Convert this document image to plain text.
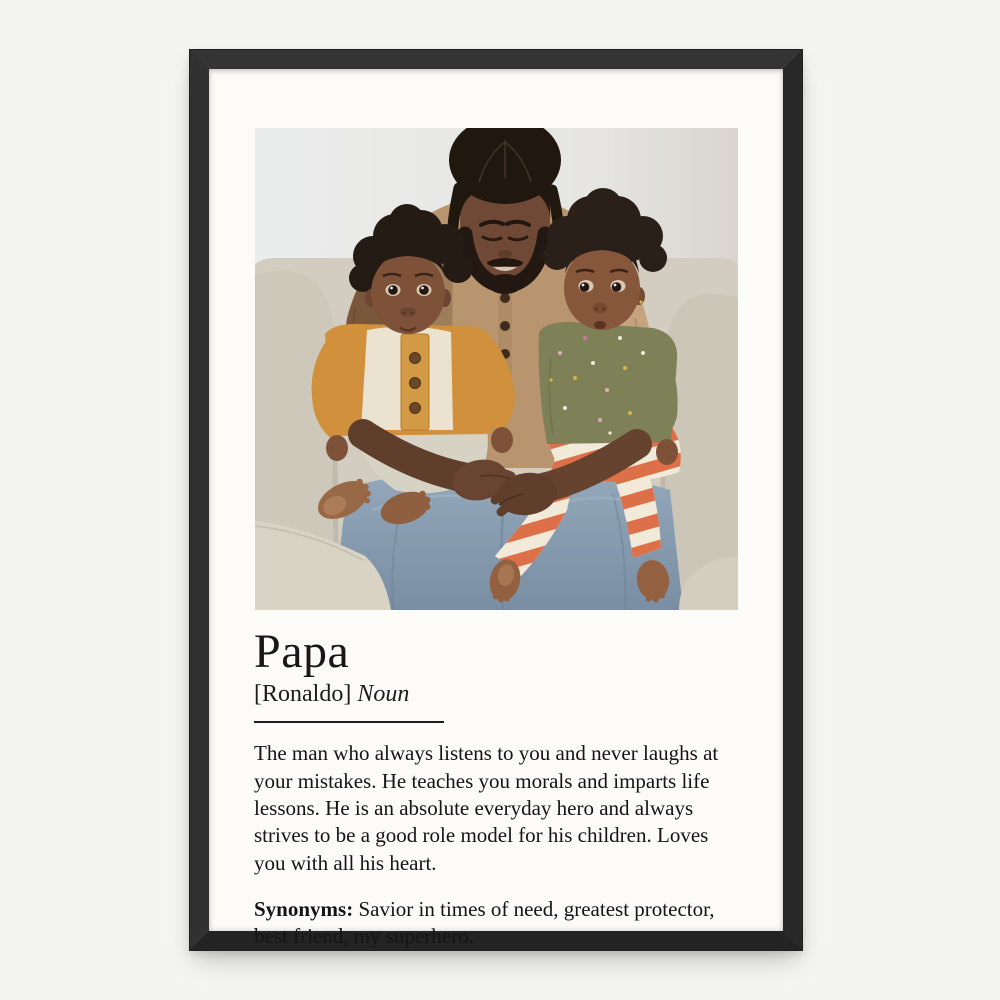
Papa

[Ronaldo] Noun

The man who always listens to you and never laughs at your mistakes. He teaches you morals and imparts life lessons. He is an absolute everyday hero and always strives to be a good role model for his children. Loves you with all his heart.

Synonyms: Savior in times of need, greatest protector, best friend, my superhero.
